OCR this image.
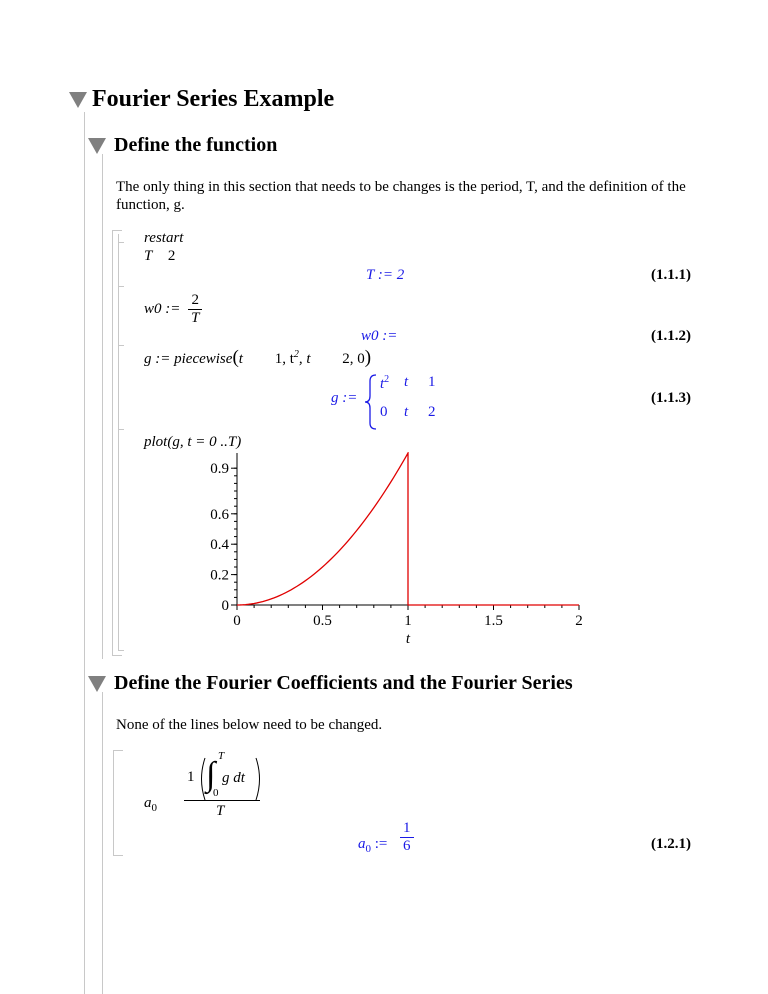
Fourier Series Example
Define the function
The only thing in this section that needs to be changes is the period, T, and the definition of the function, g.
restart
T 2
T := 2	(1.1.1)
w0 := $\frac{2}{T}$
w0 :=	(1.1.2)
g := piecewise(t 1, $t^2$, t 2, 0)
g :=
$t^2$ t 1
0 t 2
(1.1.3)
plot(g, t = 0 ..T)
0	0.5	1	1.5	2
0
0.2
0.4
0.6
0.9
t
Define the Fourier Coefficients and the Fourier Series
None of the lines below need to be changed.
$a_0$
1 ∫ T
0
g dt
T
$a_0$ := $\frac{1}{6}$	(1.2.1)
